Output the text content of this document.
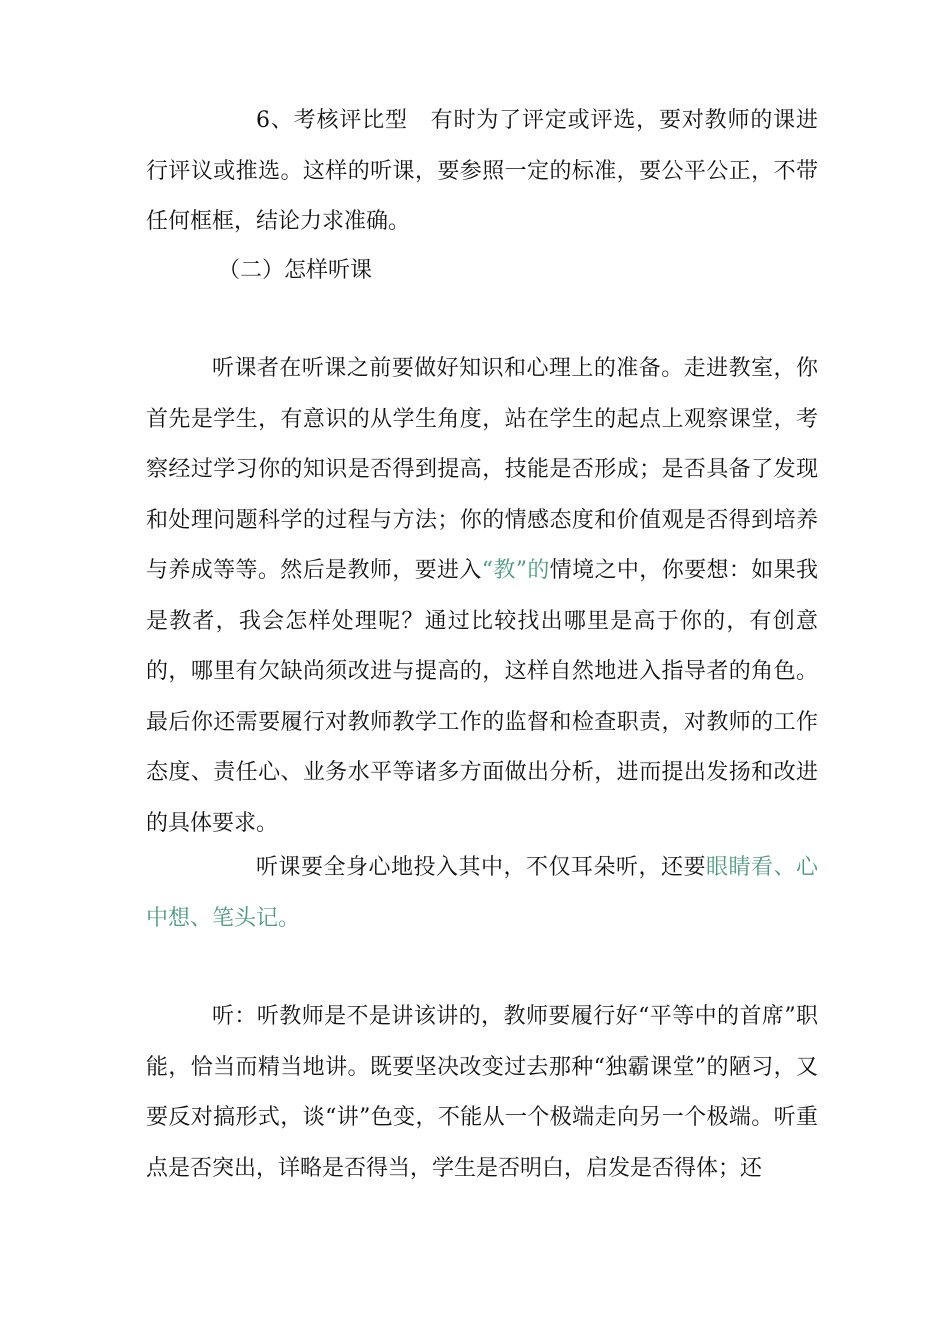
6、考核评比型 有时为了评定或评选，要对教师的课进行评议或推选。这样的听课，要参照一定的标准，要公平公正，不带任何框框，结论力求准确。

（二）怎样听课

听课者在听课之前要做好知识和心理上的准备。走进教室，你首先是学生，有意识的从学生角度，站在学生的起点上观察课堂，考察经过学习你的知识是否得到提高，技能是否形成；是否具备了发现和处理问题科学的过程与方法；你的情感态度和价值观是否得到培养与养成等等。然后是教师，要进入“教”的情境之中，你要想：如果我是教者，我会怎样处理呢？通过比较找出哪里是高于你的，有创意的，哪里有欠缺尚须改进与提高的，这样自然地进入指导者的角色。最后你还需要履行对教师教学工作的监督和检查职责，对教师的工作态度、责任心、业务水平等诸多方面做出分析，进而提出发扬和改进的具体要求。

听课要全身心地投入其中，不仅耳朵听，还要眼睛看、心中想、笔头记。

听：听教师是不是讲该讲的，教师要履行好“平等中的首席”职能，恰当而精当地讲。既要坚决改变过去那种“独霸课堂”的陋习，又要反对搞形式，谈“讲”色变，不能从一个极端走向另一个极端。听重点是否突出，详略是否得当，学生是否明白，启发是否得体；还
